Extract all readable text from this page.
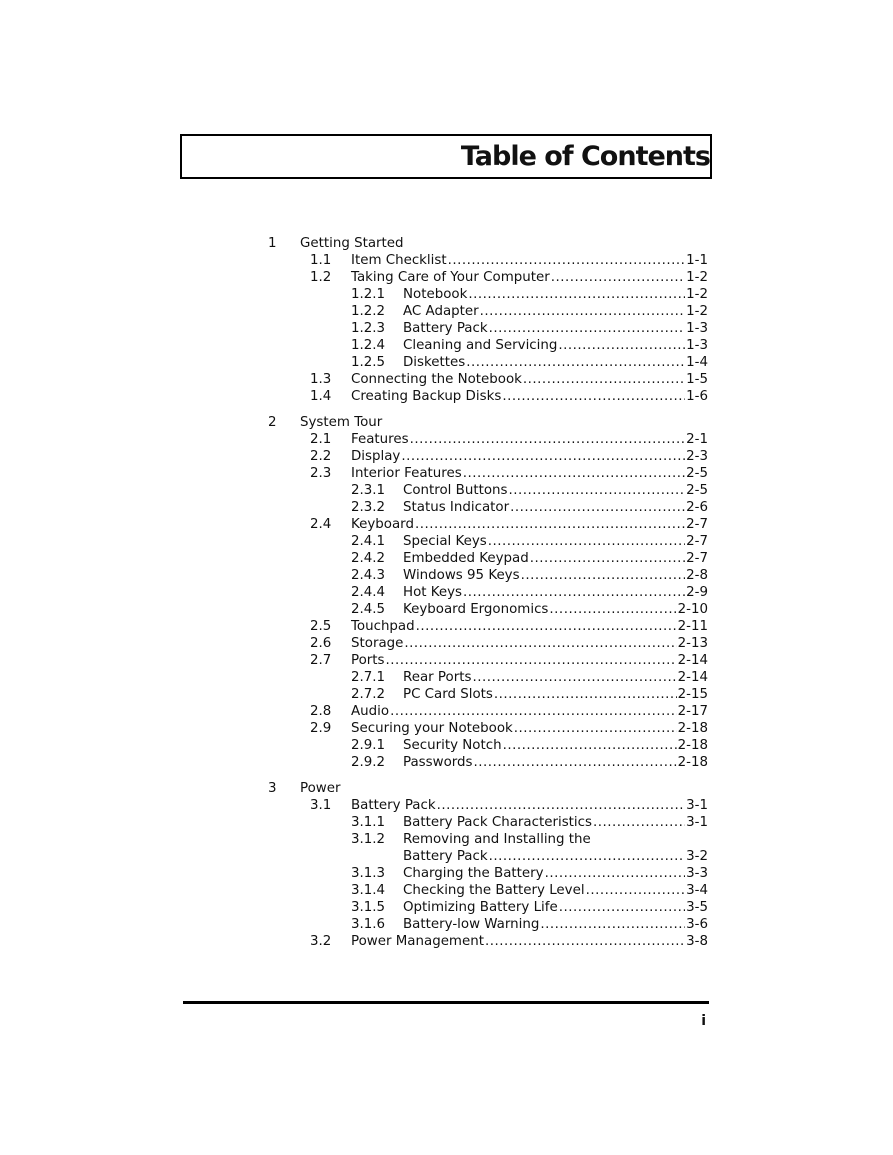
Table of Contents
1 Getting Started
1.1 Item Checklist .....	1-1
1.2 Taking Care of Your Computer .....	1-2
1.2.1 Notebook .....	1-2
1.2.2 AC Adapter .....	1-2
1.2.3 Battery Pack .....	1-3
1.2.4 Cleaning and Servicing .....	1-3
1.2.5 Diskettes .....	1-4
1.3 Connecting the Notebook .....	1-5
1.4 Creating Backup Disks .....	1-6
2 System Tour
2.1 Features .....	2-1
2.2 Display .....	2-3
2.3 Interior Features .....	2-5
2.3.1 Control Buttons .....	2-5
2.3.2 Status Indicator .....	2-6
2.4 Keyboard .....	2-7
2.4.1 Special Keys .....	2-7
2.4.2 Embedded Keypad .....	2-7
2.4.3 Windows 95 Keys .....	2-8
2.4.4 Hot Keys .....	2-9
2.4.5 Keyboard Ergonomics .....	2-10
2.5 Touchpad .....	2-11
2.6 Storage .....	2-13
2.7 Ports .....	2-14
2.7.1 Rear Ports .....	2-14
2.7.2 PC Card Slots .....	2-15
2.8 Audio .....	2-17
2.9 Securing your Notebook .....	2-18
2.9.1 Security Notch .....	2-18
2.9.2 Passwords .....	2-18
3 Power
3.1 Battery Pack .....	3-1
3.1.1 Battery Pack Characteristics .....	3-1
3.1.2 Removing and Installing the
Battery Pack .....	3-2
3.1.3 Charging the Battery .....	3-3
3.1.4 Checking the Battery Level .....	3-4
3.1.5 Optimizing Battery Life .....	3-5
3.1.6 Battery-low Warning .....	3-6
3.2 Power Management .....	3-8
i
